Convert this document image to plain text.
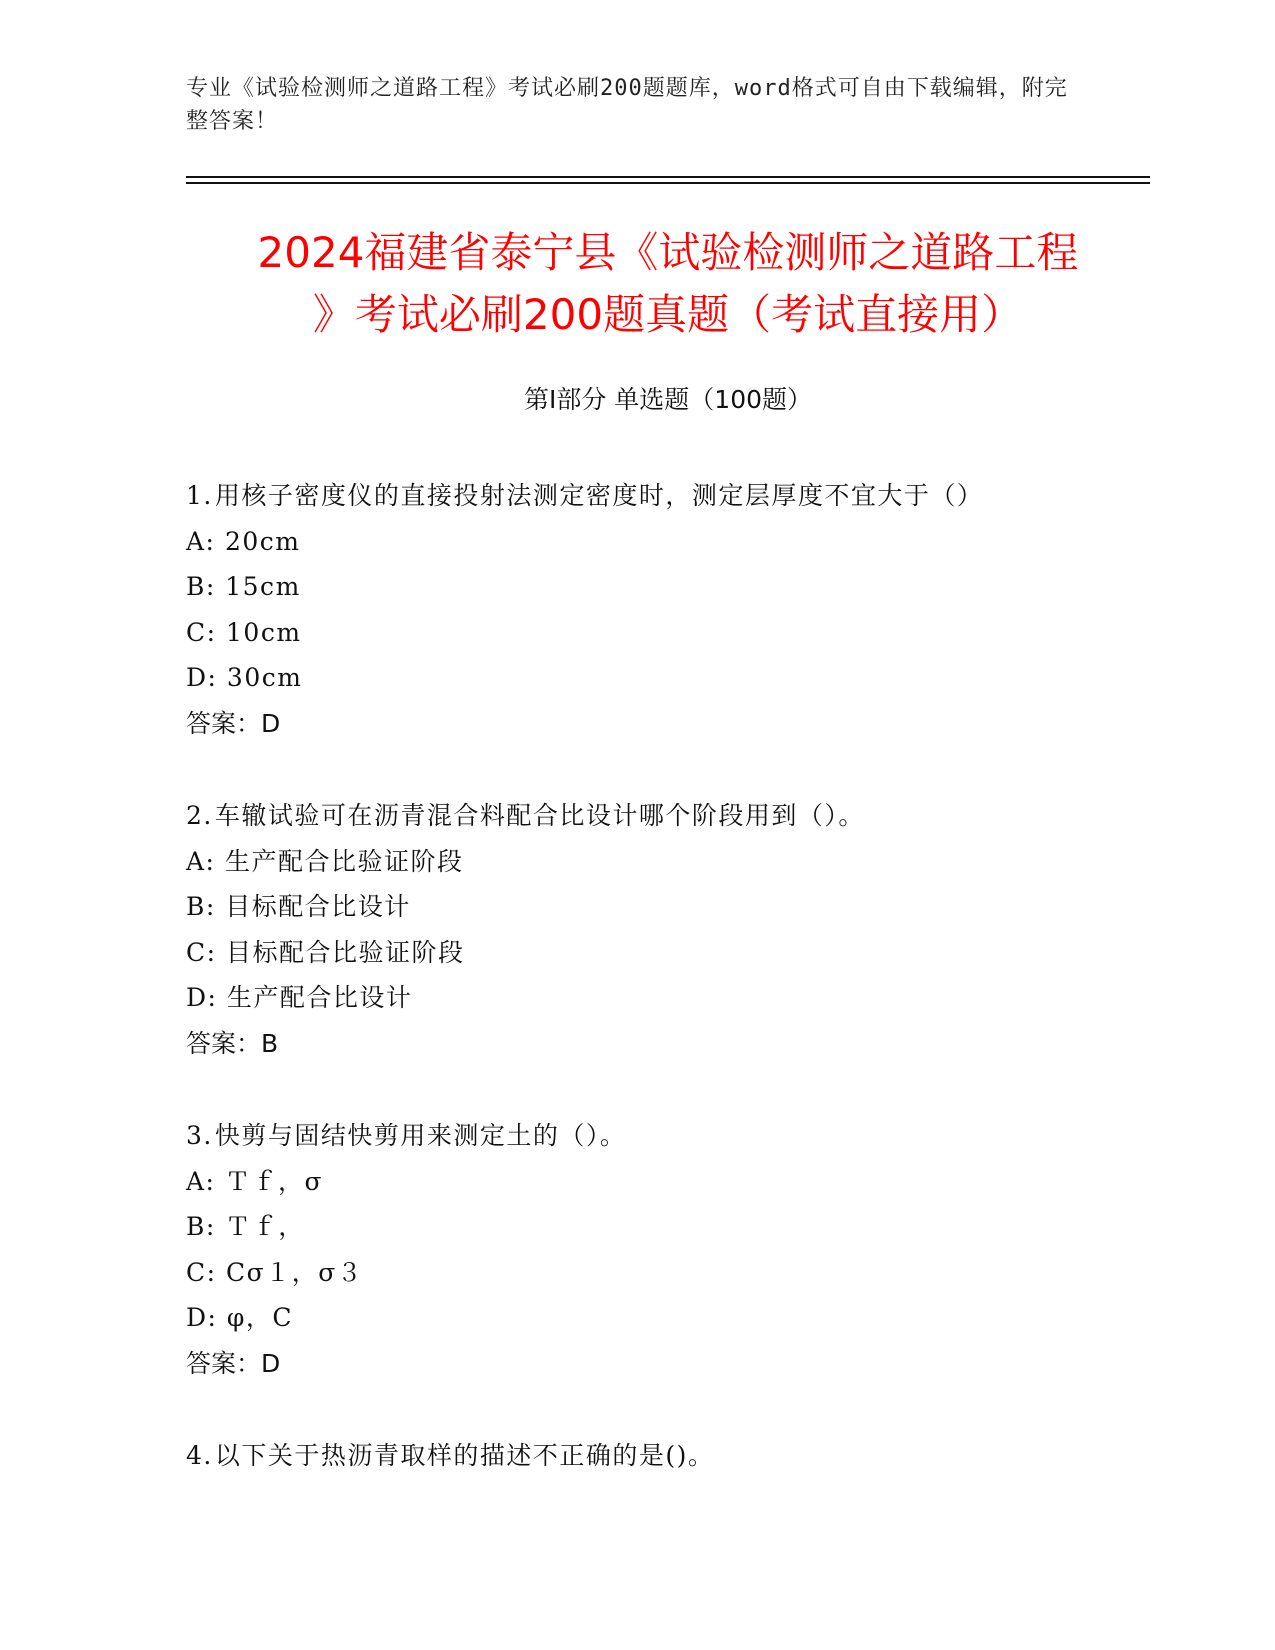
专业《试验检测师之道路工程》考试必刷200题题库，word格式可自由下载编辑，附完整答案！
2024福建省泰宁县《试验检测师之道路工程
》考试必刷200题真题（考试直接用）
第I部分 单选题（100题）
1.用核子密度仪的直接投射法测定密度时，测定层厚度不宜大于（）
A: 20cm
B: 15cm
C: 10cm
D: 30cm
答案：D
2.车辙试验可在沥青混合料配合比设计哪个阶段用到（）。
A: 生产配合比验证阶段
B: 目标配合比设计
C: 目标配合比验证阶段
D: 生产配合比设计
答案：B
3.快剪与固结快剪用来测定土的（）。
A: Ｔｆ，σ
B: Ｔｆ，
C: Cσ１，σ３
D: φ，C
答案：D
4.以下关于热沥青取样的描述不正确的是()。
